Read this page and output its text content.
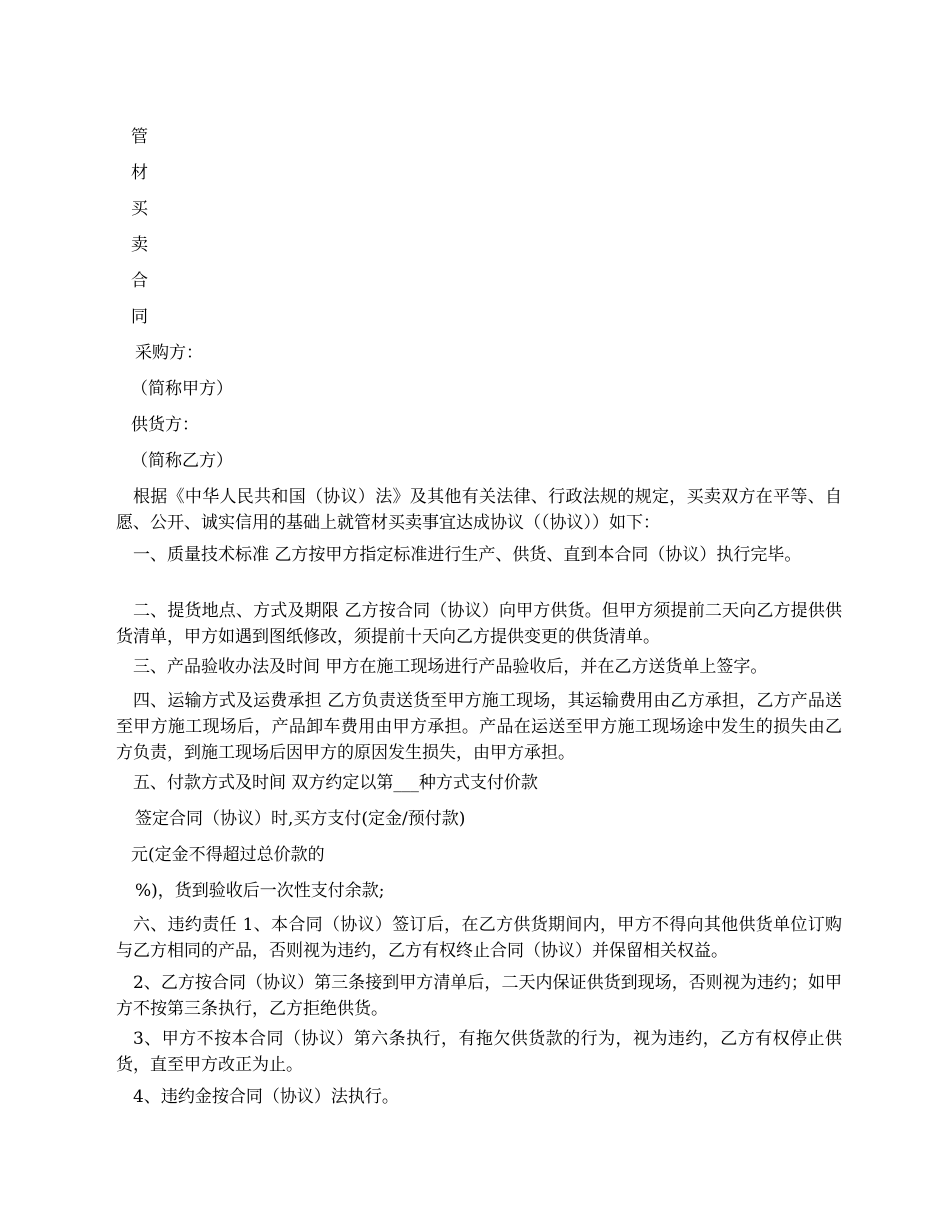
管
材
买
卖
合
同
采购方：
（简称甲方）
供货方：
（简称乙方）
根据《中华人民共和国（协议）法》及其他有关法律、行政法规的规定，买卖双方在平等、自愿、公开、诚实信用的基础上就管材买卖事宜达成协议（（协议））如下：
一、质量技术标准 乙方按甲方指定标准进行生产、供货、直到本合同（协议）执行完毕。
二、提货地点、方式及期限 乙方按合同（协议）向甲方供货。但甲方须提前二天向乙方提供供货清单，甲方如遇到图纸修改，须提前十天向乙方提供变更的供货清单。
三、产品验收办法及时间 甲方在施工现场进行产品验收后，并在乙方送货单上签字。
四、运输方式及运费承担 乙方负责送货至甲方施工现场，其运输费用由乙方承担，乙方产品送至甲方施工现场后，产品卸车费用由甲方承担。产品在运送至甲方施工现场途中发生的损失由乙方负责，到施工现场后因甲方的原因发生损失，由甲方承担。
五、付款方式及时间 双方约定以第___种方式支付价款
签定合同（协议）时,买方支付(定金/预付款)
元(定金不得超过总价款的
%)，货到验收后一次性支付余款;
六、违约责任 1、本合同（协议）签订后，在乙方供货期间内，甲方不得向其他供货单位订购与乙方相同的产品，否则视为违约，乙方有权终止合同（协议）并保留相关权益。
2、乙方按合同（协议）第三条接到甲方清单后，二天内保证供货到现场，否则视为违约；如甲方不按第三条执行，乙方拒绝供货。
3、甲方不按本合同（协议）第六条执行，有拖欠供货款的行为，视为违约，乙方有权停止供货，直至甲方改正为止。
4、违约金按合同（协议）法执行。
